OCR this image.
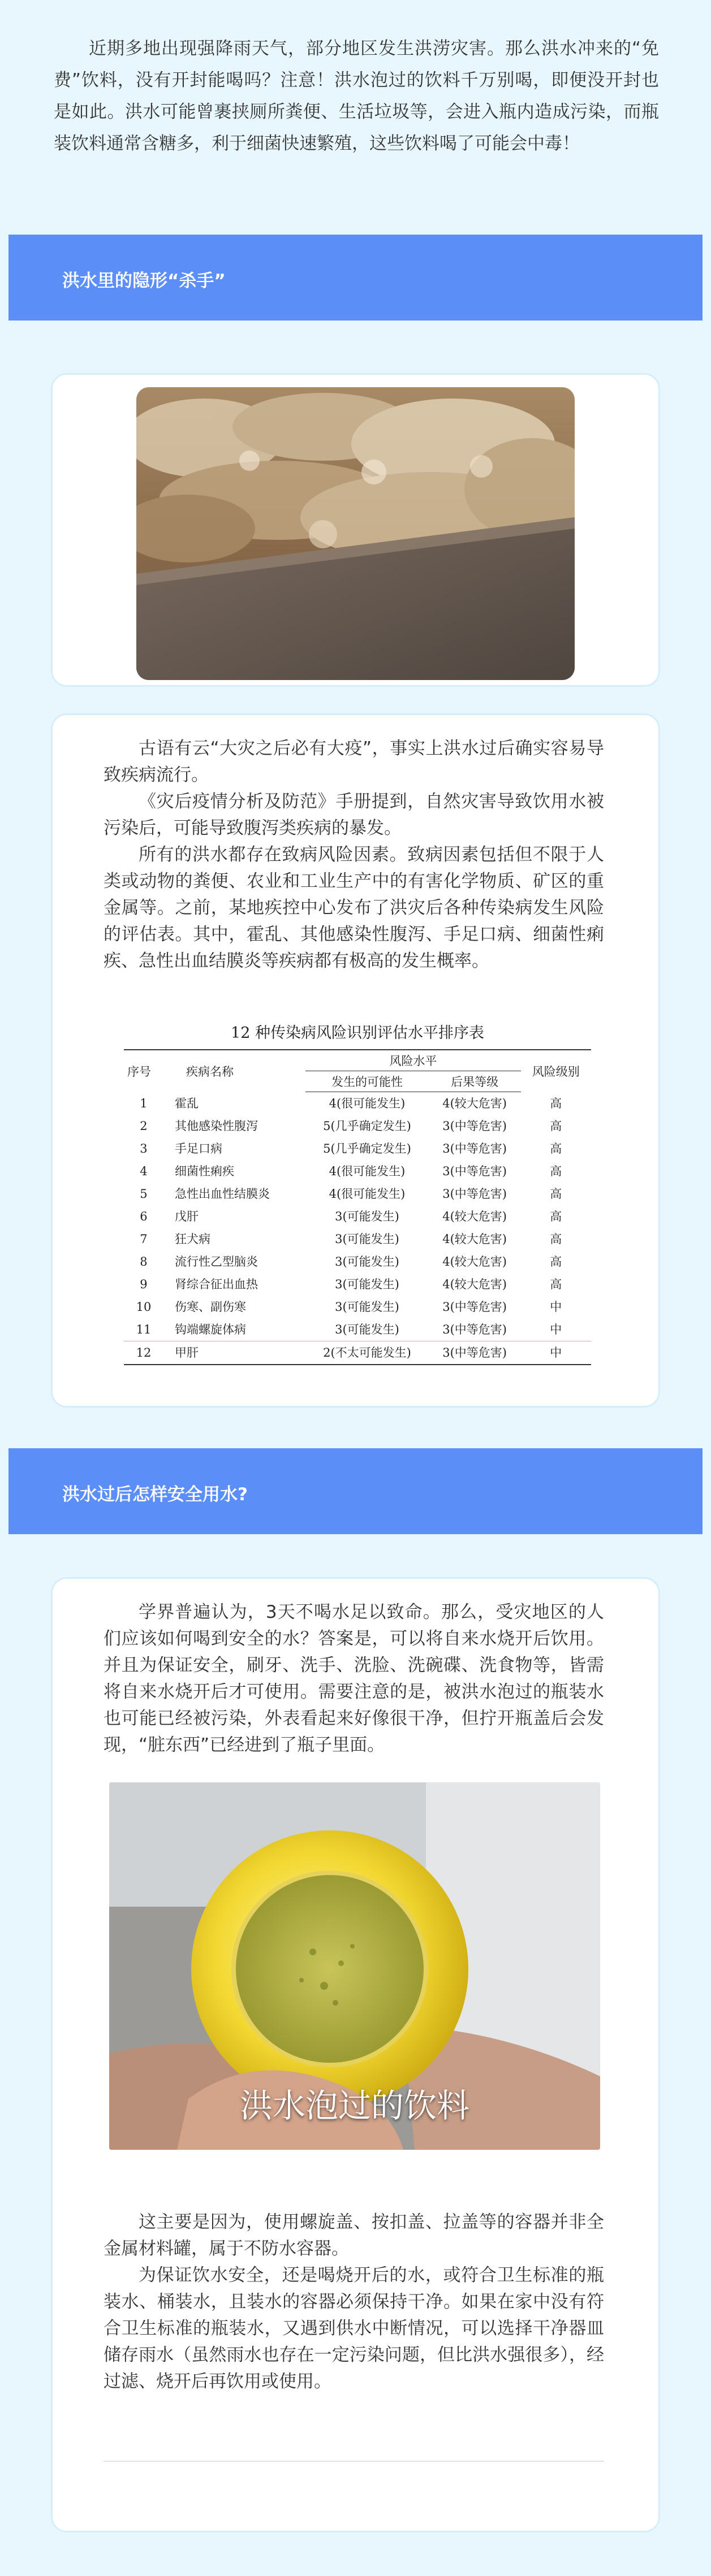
近期多地出现强降雨天气，部分地区发生洪涝灾害。那么洪水冲来的“免费”饮料，没有开封能喝吗？注意！洪水泡过的饮料千万别喝，即便没开封也是如此。洪水可能曾裹挟厕所粪便、生活垃圾等，会进入瓶内造成污染，而瓶装饮料通常含糖多，利于细菌快速繁殖，这些饮料喝了可能会中毒！

洪水里的隐形“杀手”

古语有云“大灾之后必有大疫”，事实上洪水过后确实容易导致疾病流行。

《灾后疫情分析及防范》手册提到，自然灾害导致饮用水被污染后，可能导致腹泻类疾病的暴发。

所有的洪水都存在致病风险因素。致病因素包括但不限于人类或动物的粪便、农业和工业生产中的有害化学物质、矿区的重金属等。之前，某地疾控中心发布了洪灾后各种传染病发生风险的评估表。其中，霍乱、其他感染性腹泻、手足口病、细菌性痢疾、急性出血结膜炎等疾病都有极高的发生概率。

12 种传染病风险识别评估水平排序表
序号	疾病名称	风险水平		风险级别
		发生的可能性	后果等级	
1	霍乱	4(很可能发生)	4(较大危害)	高
2	其他感染性腹泻	5(几乎确定发生)	3(中等危害)	高
3	手足口病	5(几乎确定发生)	3(中等危害)	高
4	细菌性痢疾	4(很可能发生)	3(中等危害)	高
5	急性出血性结膜炎	4(很可能发生)	3(中等危害)	高
6	戊肝	3(可能发生)	4(较大危害)	高
7	狂犬病	3(可能发生)	4(较大危害)	高
8	流行性乙型脑炎	3(可能发生)	4(较大危害)	高
9	肾综合征出血热	3(可能发生)	4(较大危害)	高
10	伤寒、副伤寒	3(可能发生)	3(中等危害)	中
11	钩端螺旋体病	3(可能发生)	3(中等危害)	中
12	甲肝	2(不太可能发生)	3(中等危害)	中
洪水过后怎样安全用水?

学界普遍认为，3天不喝水足以致命。那么，受灾地区的人们应该如何喝到安全的水？答案是，可以将自来水烧开后饮用。并且为保证安全，刷牙、洗手、洗脸、洗碗碟、洗食物等，皆需将自来水烧开后才可使用。需要注意的是，被洪水泡过的瓶装水也可能已经被污染，外表看起来好像很干净，但拧开瓶盖后会发现，“脏东西”已经进到了瓶子里面。

洪水泡过的饮料

这主要是因为，使用螺旋盖、按扣盖、拉盖等的容器并非全金属材料罐，属于不防水容器。

为保证饮水安全，还是喝烧开后的水，或符合卫生标准的瓶装水、桶装水，且装水的容器必须保持干净。如果在家中没有符合卫生标准的瓶装水，又遇到供水中断情况，可以选择干净器皿储存雨水（虽然雨水也存在一定污染问题，但比洪水强很多），经过滤、烧开后再饮用或使用。
